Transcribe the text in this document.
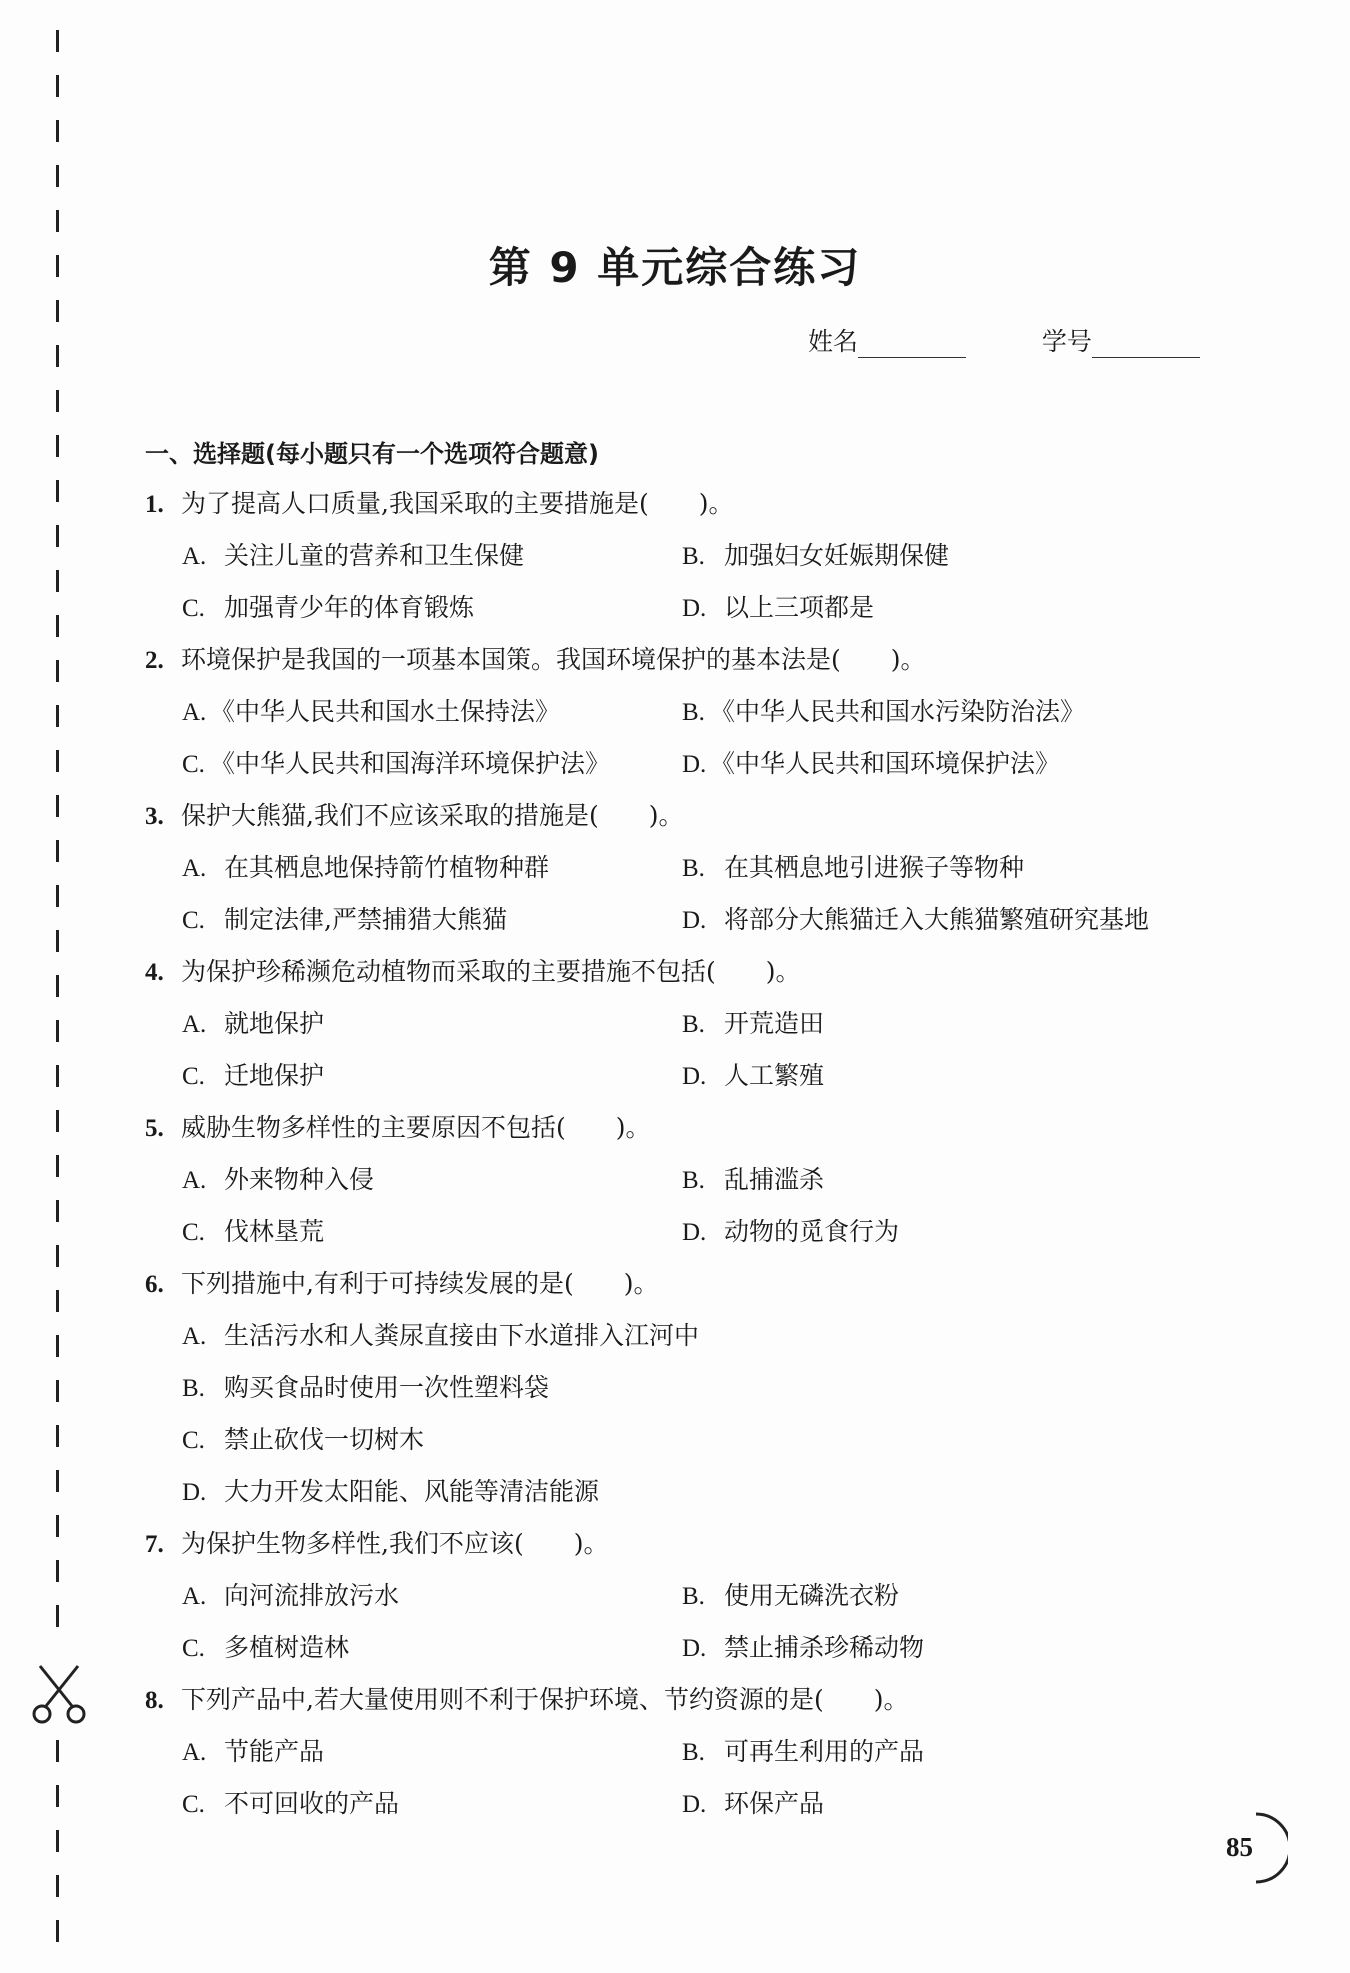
第 9 单元综合练习
姓名	学号
一、选择题(每小题只有一个选项符合题意)
1. 为了提高人口质量,我国采取的主要措施是(　　)。
A. 关注儿童的营养和卫生保健	B. 加强妇女妊娠期保健
C. 加强青少年的体育锻炼	D. 以上三项都是
2. 环境保护是我国的一项基本国策。我国环境保护的基本法是(　　)。
A. 《中华人民共和国水土保持法》	B. 《中华人民共和国水污染防治法》
C. 《中华人民共和国海洋环境保护法》	D. 《中华人民共和国环境保护法》
3. 保护大熊猫,我们不应该采取的措施是(　　)。
A. 在其栖息地保持箭竹植物种群	B. 在其栖息地引进猴子等物种
C. 制定法律,严禁捕猎大熊猫	D. 将部分大熊猫迁入大熊猫繁殖研究基地
4. 为保护珍稀濒危动植物而采取的主要措施不包括(　　)。
A. 就地保护	B. 开荒造田
C. 迁地保护	D. 人工繁殖
5. 威胁生物多样性的主要原因不包括(　　)。
A. 外来物种入侵	B. 乱捕滥杀
C. 伐林垦荒	D. 动物的觅食行为
6. 下列措施中,有利于可持续发展的是(　　)。
A. 生活污水和人粪尿直接由下水道排入江河中
B. 购买食品时使用一次性塑料袋
C. 禁止砍伐一切树木
D. 大力开发太阳能、风能等清洁能源
7. 为保护生物多样性,我们不应该(　　)。
A. 向河流排放污水	B. 使用无磷洗衣粉
C. 多植树造林	D. 禁止捕杀珍稀动物
8. 下列产品中,若大量使用则不利于保护环境、节约资源的是(　　)。
A. 节能产品	B. 可再生利用的产品
C. 不可回收的产品	D. 环保产品
85
